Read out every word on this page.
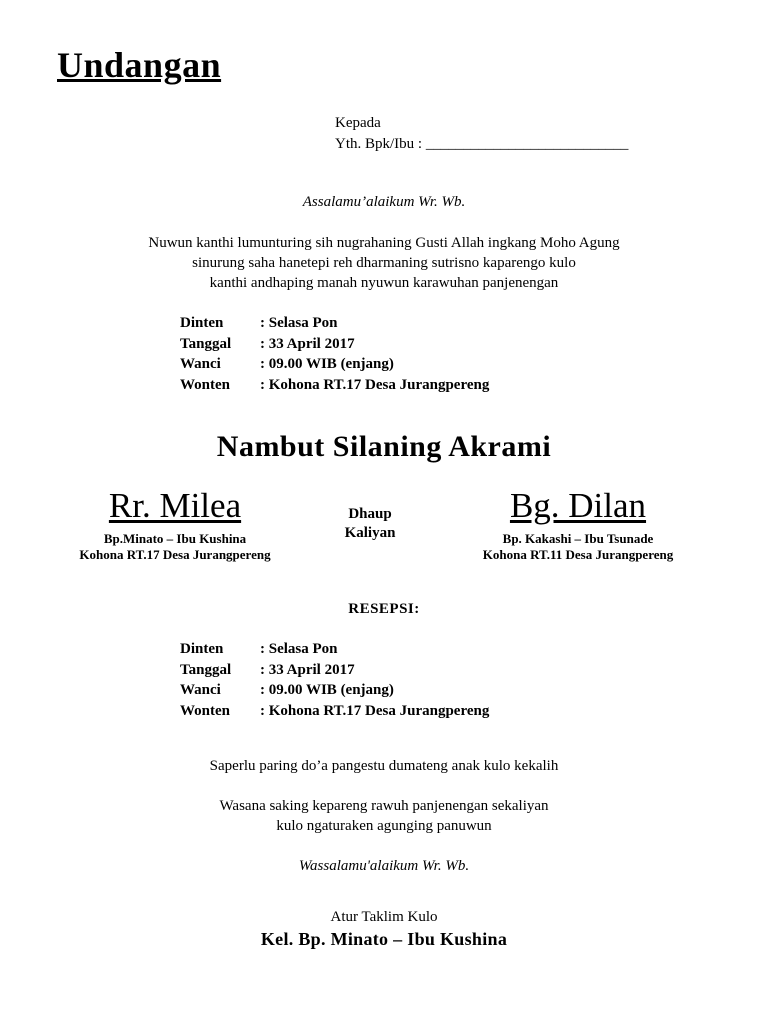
Undangan
Kepada
Yth. Bpk/Ibu : ___________________________
Assalamu’alaikum Wr. Wb.
Nuwun kanthi lumunturing sih nugrahaning Gusti Allah ingkang Moho Agung
sinurung saha hanetepi reh dharmaning sutrisno kaparengo kulo
kanthi andhaping manah nyuwun karawuhan panjenengan
Dinten	: Selasa Pon
Tanggal	: 33 April 2017
Wanci	: 09.00 WIB (enjang)
Wonten	: Kohona RT.17 Desa Jurangpereng
Nambut Silaning Akrami
Rr. Milea
Bp.Minato – Ibu Kushina
Kohona RT.17 Desa Jurangpereng
Dhaup
Kaliyan
Bg. Dilan
Bp. Kakashi – Ibu Tsunade
Kohona RT.11 Desa Jurangpereng
RESEPSI:
Dinten	: Selasa Pon
Tanggal	: 33 April 2017
Wanci	: 09.00 WIB (enjang)
Wonten	: Kohona RT.17 Desa Jurangpereng
Saperlu paring do’a pangestu dumateng anak kulo kekalih
Wasana saking kepareng rawuh panjenengan sekaliyan
kulo ngaturaken agunging panuwun
Wassalamu'alaikum Wr. Wb.
Atur Taklim Kulo
Kel. Bp. Minato – Ibu Kushina
